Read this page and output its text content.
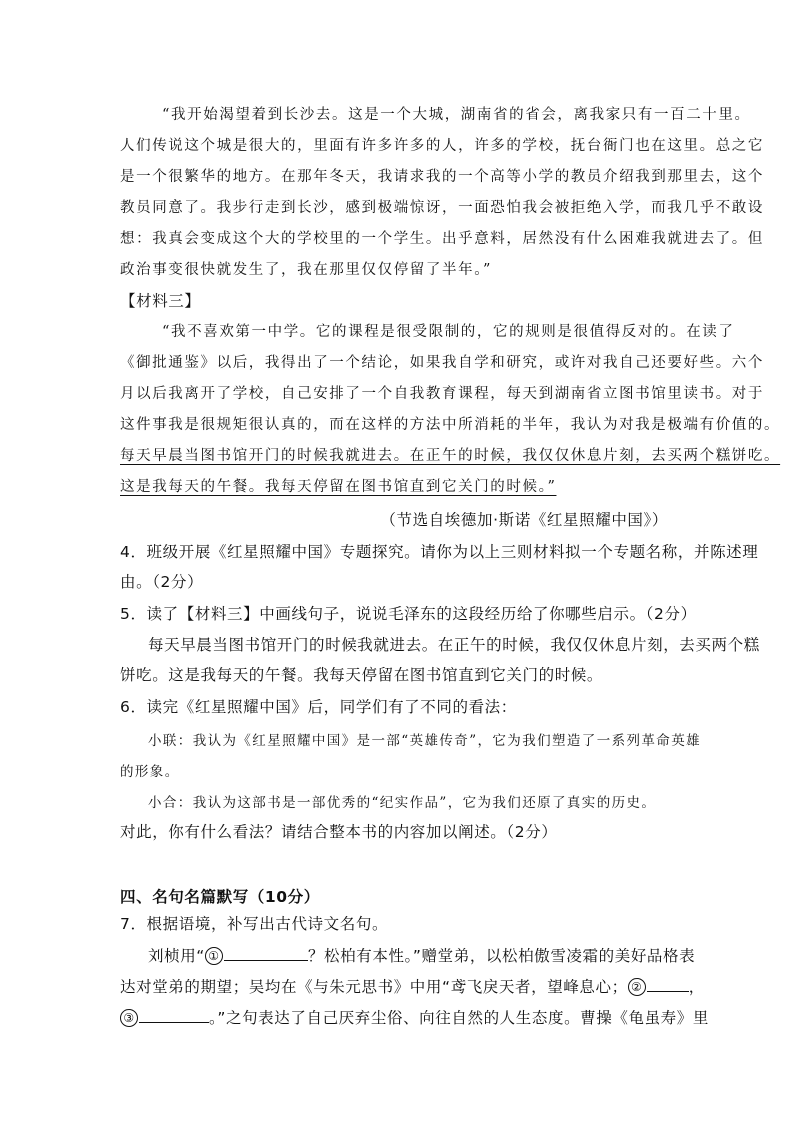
“我开始渴望着到长沙去。这是一个大城，湖南省的省会，离我家只有一百二十里。
人们传说这个城是很大的，里面有许多许多的人，许多的学校，抚台衙门也在这里。总之它
是一个很繁华的地方。在那年冬天，我请求我的一个高等小学的教员介绍我到那里去，这个
教员同意了。我步行走到长沙，感到极端惊讶，一面恐怕我会被拒绝入学，而我几乎不敢设
想：我真会变成这个大的学校里的一个学生。出乎意料，居然没有什么困难我就进去了。但
政治事变很快就发生了，我在那里仅仅停留了半年。”
【材料三】
“我不喜欢第一中学。它的课程是很受限制的，它的规则是很值得反对的。在读了
《御批通鉴》以后，我得出了一个结论，如果我自学和研究，或许对我自己还要好些。六个
月以后我离开了学校，自己安排了一个自我教育课程，每天到湖南省立图书馆里读书。对于
这件事我是很规矩很认真的，而在这样的方法中所消耗的半年，我认为对我是极端有价值的。
每天早晨当图书馆开门的时候我就进去。在正午的时候，我仅仅休息片刻，去买两个糕饼吃。
这是我每天的午餐。我每天停留在图书馆直到它关门的时候。”
（节选自埃德加·斯诺《红星照耀中国》）
4．班级开展《红星照耀中国》专题探究。请你为以上三则材料拟一个专题名称，并陈述理
由。（2分）
5．读了【材料三】中画线句子，说说毛泽东的这段经历给了你哪些启示。（2分）
每天早晨当图书馆开门的时候我就进去。在正午的时候，我仅仅休息片刻，去买两个糕
饼吃。这是我每天的午餐。我每天停留在图书馆直到它关门的时候。
6．读完《红星照耀中国》后，同学们有了不同的看法：
小联：我认为《红星照耀中国》是一部“英雄传奇”，它为我们塑造了一系列革命英雄
的形象。
小合：我认为这部书是一部优秀的“纪实作品”，它为我们还原了真实的历史。
对此，你有什么看法？请结合整本书的内容加以阐述。（2分）
四、名句名篇默写（10分）
7．根据语境，补写出古代诗文名句。
刘桢用“ ①	？松柏有本性。”赠堂弟，以松柏傲雪凌霜的美好品格表
达对堂弟的期望；吴均在《与朱元思书》中用“鸢飞戾天者，望峰息心； ②	，
③	。”之句表达了自己厌弃尘俗、向往自然的人生态度。曹操《龟虽寿》里
